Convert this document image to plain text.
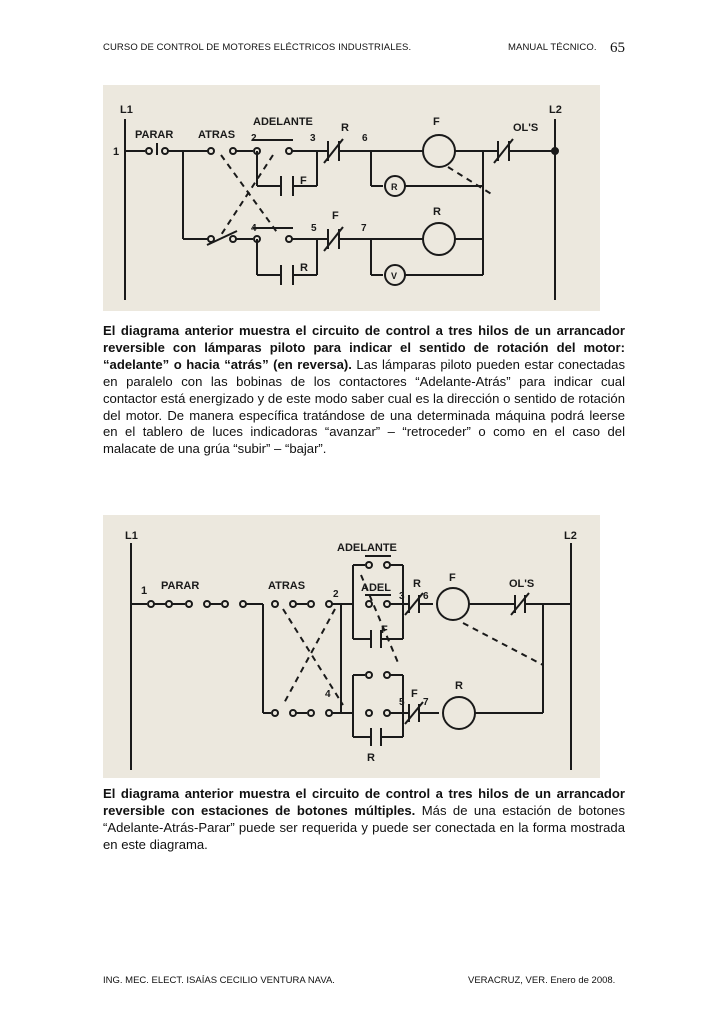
CURSO DE CONTROL DE MOTORES ELÉCTRICOS INDUSTRIALES.	MANUAL TÉCNICO. 65
L1	L2
1
PARAR ATRAS
ADELANTE
2	3
R
6
F	OL'S
F	R
F
4	5	7
R
R
V
El diagrama anterior muestra el circuito de control a tres hilos de un arrancador reversible con lámparas piloto para indicar el sentido de rotación del motor: “adelante” o hacia “atrás” (en reversa). Las lámparas piloto pueden estar conectadas en paralelo con las bobinas de los contactores “Adelante-Atrás” para indicar cual contactor está energizado y de este modo saber cual es la dirección o sentido de rotación del motor. De manera específica tratándose de una determinada máquina podrá leerse en el tablero de luces indicadoras “avanzar” – “retroceder” o como en el caso del malacate de una grúa “subir” – “bajar”.
L1	L2
1 PARAR	ATRAS
ADELANTE
ADEL
2	3
R
6
F	OL'S
F
4
5
F
7
R
R
El diagrama anterior muestra el circuito de control a tres hilos de un arrancador reversible con estaciones de botones múltiples. Más de una estación de botones “Adelante-Atrás-Parar” puede ser requerida y puede ser conectada en la forma mostrada en este diagrama.
ING. MEC. ELECT. ISAÍAS CECILIO VENTURA NAVA.	VERACRUZ, VER. Enero de 2008.
